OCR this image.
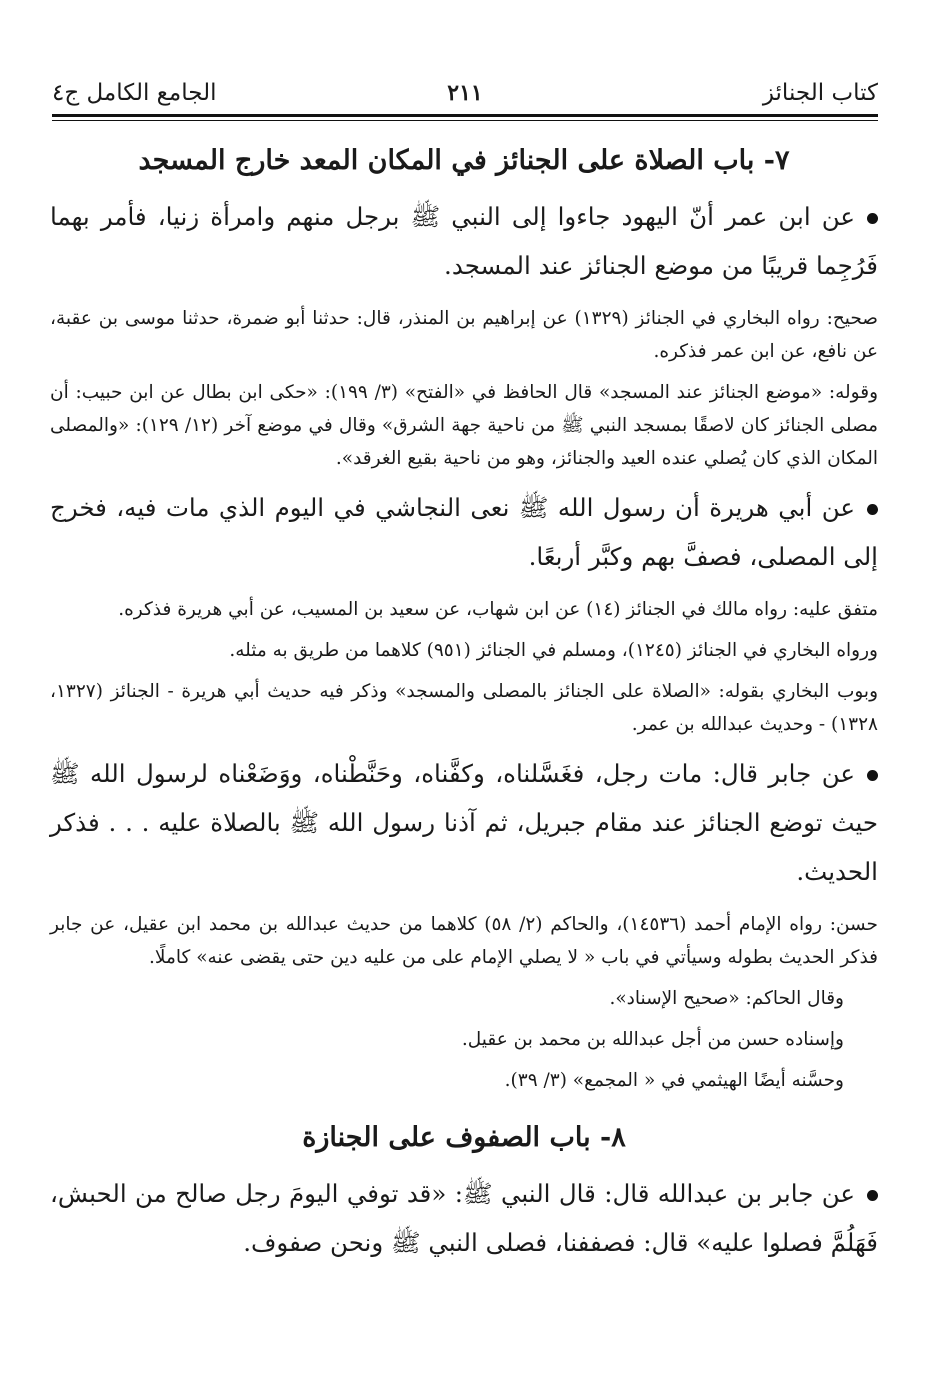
كتاب الجنائز
٢١١
الجامع الكامل ج٤
٧- باب الصلاة على الجنائز في المكان المعد خارج المسجد

عن ابن عمر أنّ اليهود جاءوا إلى النبي ﷺ برجل منهم وامرأة زنيا، فأمر بهما فَرُجِما قريبًا من موضع الجنائز عند المسجد.

صحيح: رواه البخاري في الجنائز (١٣٢٩) عن إبراهيم بن المنذر، قال: حدثنا أبو ضمرة، حدثنا موسى بن عقبة، عن نافع، عن ابن عمر فذكره.

وقوله: «موضع الجنائز عند المسجد» قال الحافظ في «الفتح» (٣/ ١٩٩): «حكى ابن بطال عن ابن حبيب: أن مصلى الجنائز كان لاصقًا بمسجد النبي ﷺ من ناحية جهة الشرق» وقال في موضع آخر (١٢/ ١٢٩): «والمصلى المكان الذي كان يُصلي عنده العيد والجنائز، وهو من ناحية بقيع الغرقد».

عن أبي هريرة أن رسول الله ﷺ نعى النجاشي في اليوم الذي مات فيه، فخرج إلى المصلى، فصفَّ بهم وكبَّر أربعًا.

متفق عليه: رواه مالك في الجنائز (١٤) عن ابن شهاب، عن سعيد بن المسيب، عن أبي هريرة فذكره.

ورواه البخاري في الجنائز (١٢٤٥)، ومسلم في الجنائز (٩٥١) كلاهما من طريق به مثله.

وبوب البخاري بقوله: «الصلاة على الجنائز بالمصلى والمسجد» وذكر فيه حديث أبي هريرة - الجنائز (١٣٢٧، ١٣٢٨) - وحديث عبدالله بن عمر.

عن جابر قال: مات رجل، فغَسَّلناه، وكفَّناه، وحَنَّطْناه، ووَضَعْناه لرسول الله ﷺ حيث توضع الجنائز عند مقام جبريل، ثم آذنا رسول الله ﷺ بالصلاة عليه . . . فذكر الحديث.

حسن: رواه الإمام أحمد (١٤٥٣٦)، والحاكم (٢/ ٥٨) كلاهما من حديث عبدالله بن محمد ابن عقيل، عن جابر فذكر الحديث بطوله وسيأتي في باب « لا يصلي الإمام على من عليه دين حتى يقضى عنه» كاملًا.

وقال الحاكم: «صحيح الإسناد».

وإسناده حسن من أجل عبدالله بن محمد بن عقيل.

وحسَّنه أيضًا الهيثمي في « المجمع» (٣/ ٣٩).

٨- باب الصفوف على الجنازة

عن جابر بن عبدالله قال: قال النبي ﷺ: «قد توفي اليومَ رجل صالح من الحبش، فَهَلُمَّ فصلوا عليه» قال: فصففنا، فصلى النبي ﷺ ونحن صفوف.
